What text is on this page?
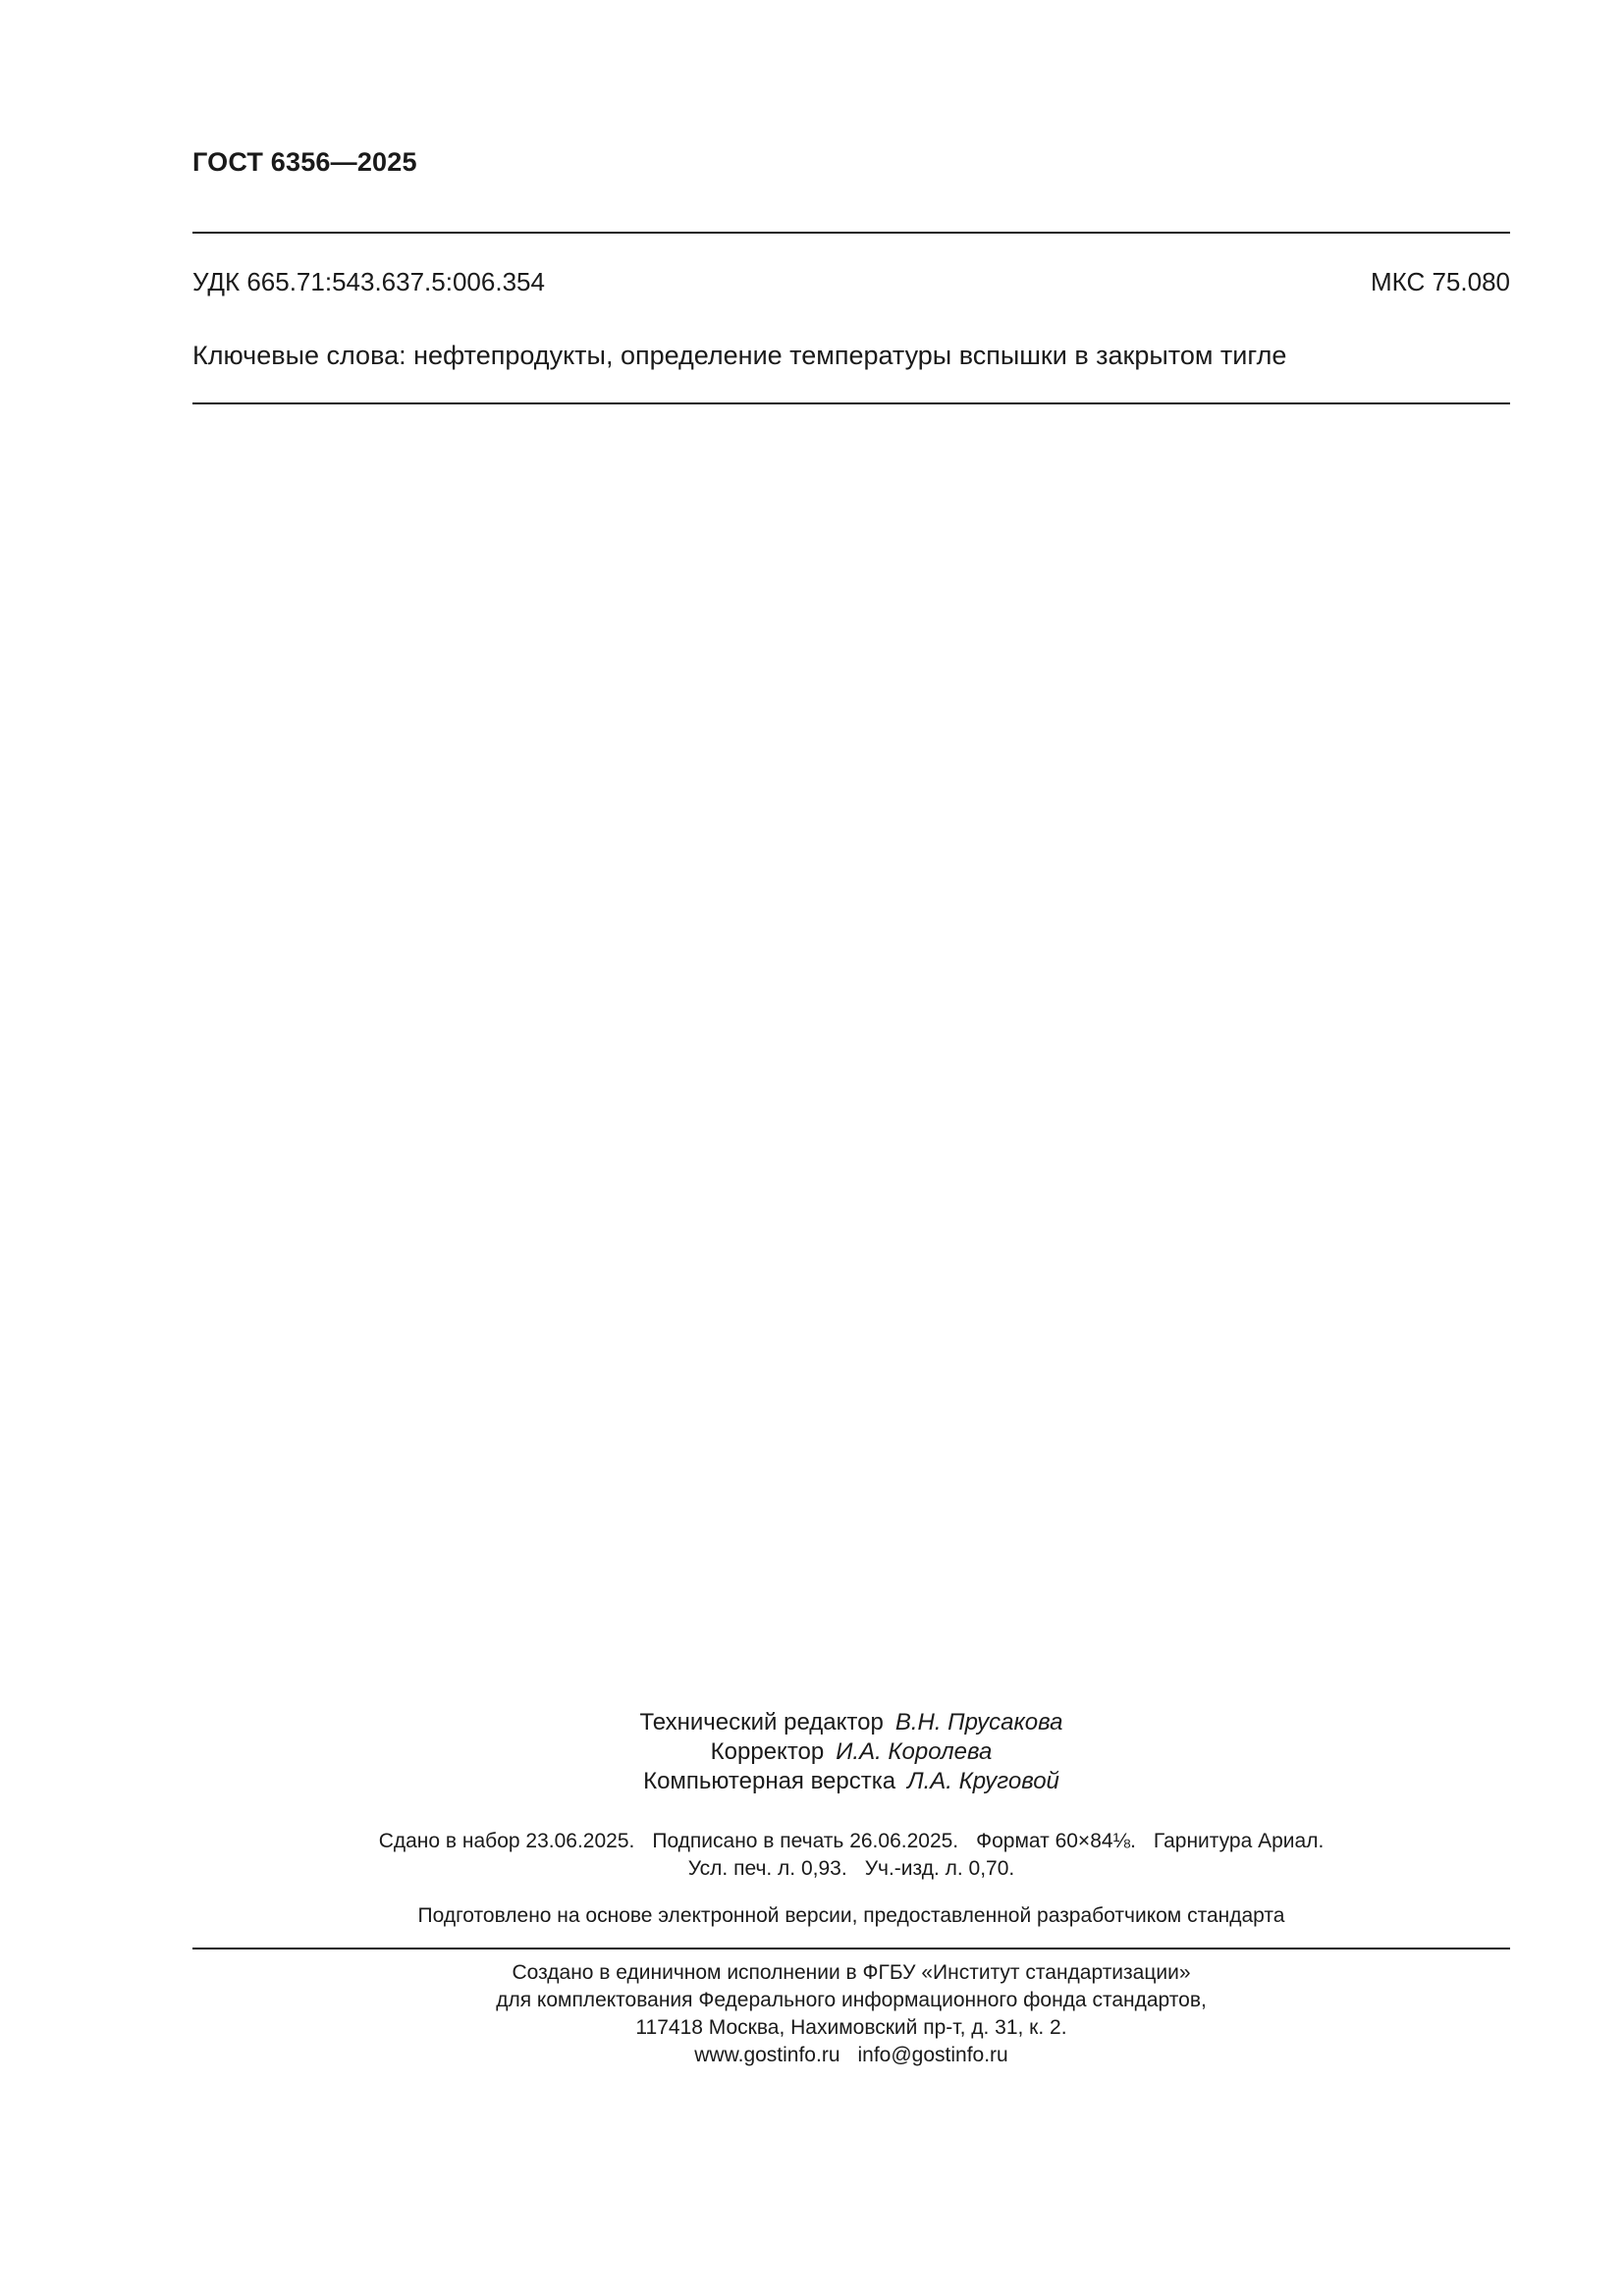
ГОСТ 6356—2025
УДК 665.71:543.637.5:006.354	МКС 75.080
Ключевые слова: нефтепродукты, определение температуры вспышки в закрытом тигле
Технический редактор В.Н. Прусакова
Корректор И.А. Королева
Компьютерная верстка Л.А. Круговой
Сдано в набор 23.06.2025. Подписано в печать 26.06.2025. Формат 60×84⅛. Гарнитура Ариал.
Усл. печ. л. 0,93. Уч.-изд. л. 0,70.
Подготовлено на основе электронной версии, предоставленной разработчиком стандарта
Создано в единичном исполнении в ФГБУ «Институт стандартизации»
для комплектования Федерального информационного фонда стандартов,
117418 Москва, Нахимовский пр-т, д. 31, к. 2.
www.gostinfo.ru info@gostinfo.ru
